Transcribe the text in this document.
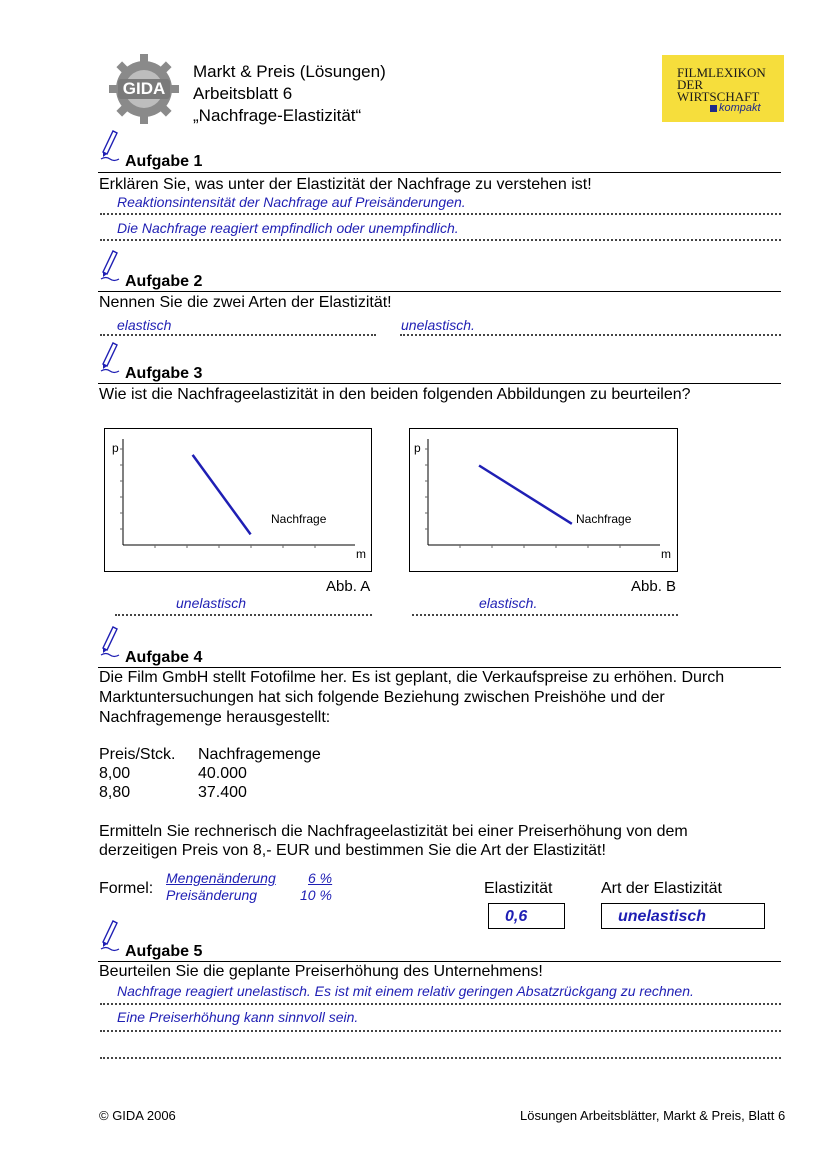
GIDA
Markt & Preis (Lösungen)
Arbeitsblatt 6
„Nachfrage-Elastizität“
FILMLEXIKON
DER
WIRTSCHAFT
kompakt
Aufgabe 1
Erklären Sie, was unter der Elastizität der Nachfrage zu verstehen ist!
Reaktionsintensität der Nachfrage auf Preisänderungen.
Die Nachfrage reagiert empfindlich oder unempfindlich.
Aufgabe 2
Nennen Sie die zwei Arten der Elastizität!
elastisch	unelastisch.
Aufgabe 3
Wie ist die Nachfrageelastizität in den beiden folgenden Abbildungen zu beurteilen?
p
m
Nachfrage
Abb. A
unelastisch
p
m
Nachfrage
Abb. B
elastisch.
Aufgabe 4
Die Film GmbH stellt Fotofilme her. Es ist geplant, die Verkaufspreise zu erhöhen. Durch
Marktuntersuchungen hat sich folgende Beziehung zwischen Preishöhe und der
Nachfragemenge herausgestellt:
Preis/Stck. Nachfragemenge
8,00	40.000
8,80	37.400
Ermitteln Sie rechnerisch die Nachfrageelastizität bei einer Preiserhöhung von dem
derzeitigen Preis von 8,- EUR und bestimmen Sie die Art der Elastizität!
Formel:
Mengenänderung 6 %
Preisänderung	10 %	Elastizität	Art der Elastizität
0,6	unelastisch
Aufgabe 5
Beurteilen Sie die geplante Preiserhöhung des Unternehmens!
Nachfrage reagiert unelastisch. Es ist mit einem relativ geringen Absatzrückgang zu rechnen.
Eine Preiserhöhung kann sinnvoll sein.
© GIDA 2006	Lösungen Arbeitsblätter, Markt & Preis, Blatt 6
